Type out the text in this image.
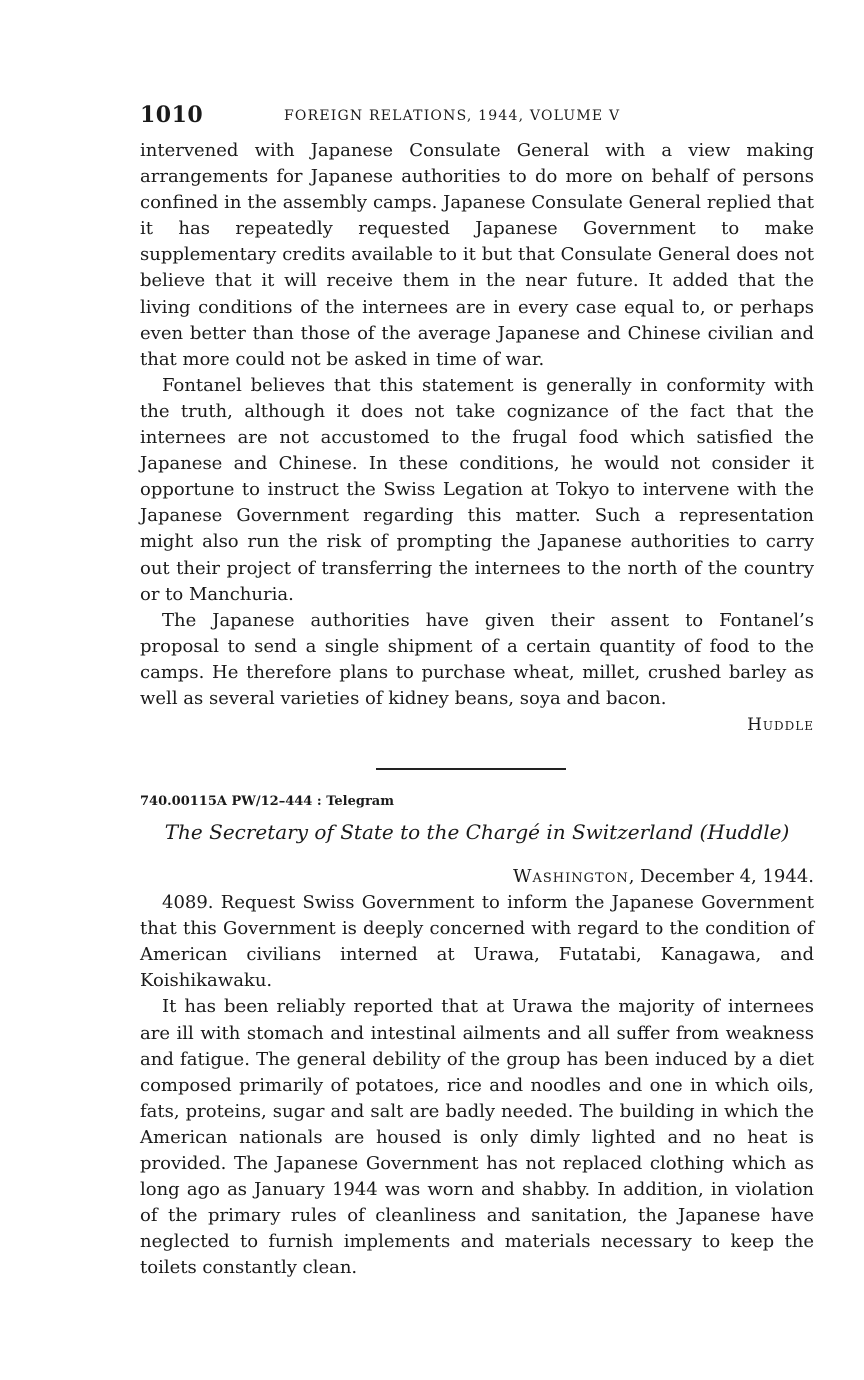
1010	FOREIGN RELATIONS, 1944, VOLUME V

intervened with Japanese Consulate General with a view making arrangements for Japanese authorities to do more on behalf of persons confined in the assembly camps. Japanese Consulate General replied that it has repeatedly requested Japanese Government to make supplementary credits available to it but that Consulate General does not believe that it will receive them in the near future. It added that the living conditions of the internees are in every case equal to, or perhaps even better than those of the average Japanese and Chinese civilian and that more could not be asked in time of war.

Fontanel believes that this statement is generally in conformity with the truth, although it does not take cognizance of the fact that the internees are not accustomed to the frugal food which satisfied the Japanese and Chinese. In these conditions, he would not consider it opportune to instruct the Swiss Legation at Tokyo to intervene with the Japanese Government regarding this matter. Such a representation might also run the risk of prompting the Japanese authorities to carry out their project of transferring the internees to the north of the country or to Manchuria.

The Japanese authorities have given their assent to Fontanel’s proposal to send a single shipment of a certain quantity of food to the camps. He therefore plans to purchase wheat, millet, crushed barley as well as several varieties of kidney beans, soya and bacon.

Huddle
740.00115A PW/12–444 : Telegram
The Secretary of State to the Chargé in Switzerland (Huddle)
Washington, December 4, 1944.

4089. Request Swiss Government to inform the Japanese Government that this Government is deeply concerned with regard to the condition of American civilians interned at Urawa, Futatabi, Kanagawa, and Koishikawaku.

It has been reliably reported that at Urawa the majority of internees are ill with stomach and intestinal ailments and all suffer from weakness and fatigue. The general debility of the group has been induced by a diet composed primarily of potatoes, rice and noodles and one in which oils, fats, proteins, sugar and salt are badly needed. The building in which the American nationals are housed is only dimly lighted and no heat is provided. The Japanese Government has not replaced clothing which as long ago as January 1944 was worn and shabby. In addition, in violation of the primary rules of cleanliness and sanitation, the Japanese have neglected to furnish implements and materials necessary to keep the toilets constantly clean.
